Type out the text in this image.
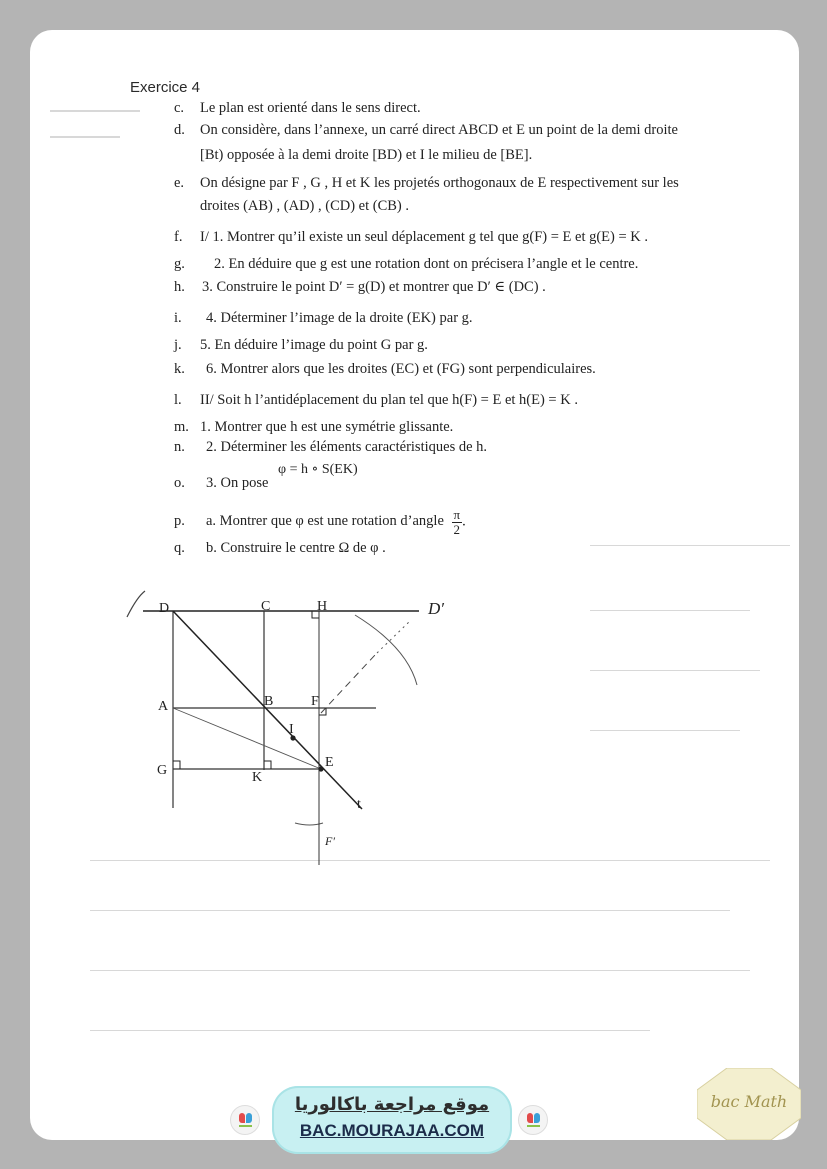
Exercice 4
c. Le plan est orienté dans le sens direct.
d. On considère, dans l’annexe, un carré direct ABCD et E un point de la demi droite
[Bt) opposée à la demi droite [BD) et I le milieu de [BE].
e. On désigne par F , G , H et K les projetés orthogonaux de E respectivement sur les
droites (AB) , (AD) , (CD) et (CB) .
f. I/ 1. Montrer qu’il existe un seul déplacement g tel que g(F) = E et g(E) = K .
g. 2. En déduire que g est une rotation dont on précisera l’angle et le centre.
h. 3. Construire le point D′ = g(D) et montrer que D′ ∈ (DC) .
i. 4. Déterminer l’image de la droite (EK) par g.
j. 5. En déduire l’image du point G par g.
k. 6. Montrer alors que les droites (EC) et (FG) sont perpendiculaires.
l. II/ Soit h l’antidéplacement du plan tel que h(F) = E et h(E) = K .
m. 1. Montrer que h est une symétrie glissante.
n. 2. Déterminer les éléments caractéristiques de h.
o. 3. On pose
φ = h ∘ S(EK)
p. a. Montrer que φ est une rotation d’angle $\frac{\pi}{2}$ .
q. b. Construire le centre Ω de φ .
D	C	H	D′
A	B	F
I
E
G	K
t
F′
موقع مراجعة باكالوريا
BAC.MOURAJAA.COM
bac Math
